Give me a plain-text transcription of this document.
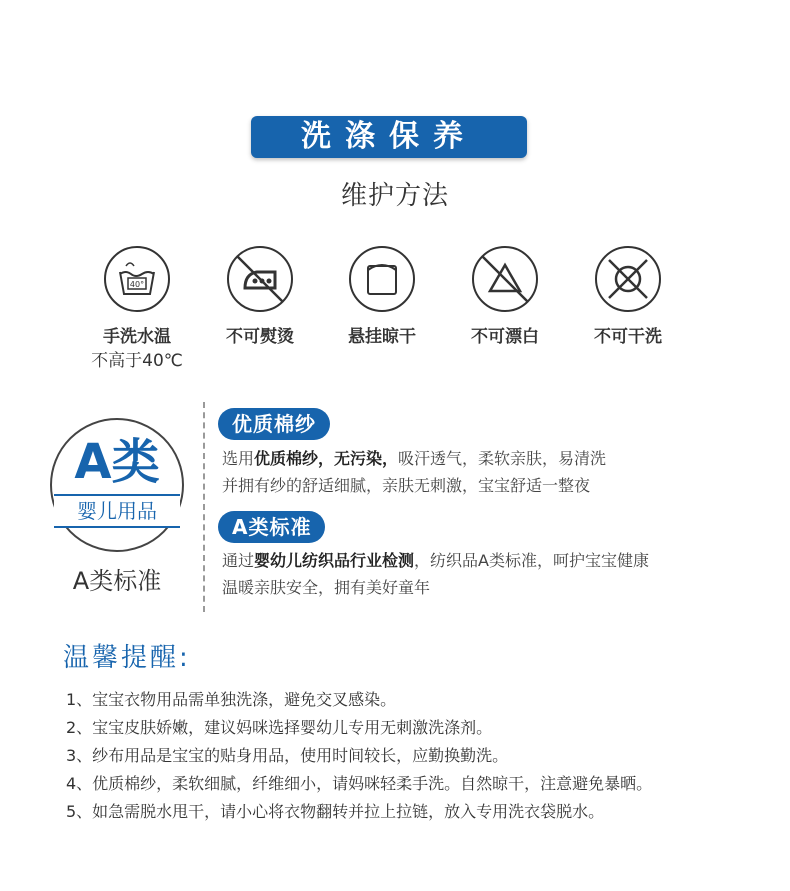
洗涤保养
维护方法
40°
手洗水温
不高于40℃
不可熨烫	悬挂晾干	不可漂白	不可干洗
A类
婴儿用品
A类标准
优质棉纱
选用优质棉纱，无污染，吸汗透气，柔软亲肤，易清洗
并拥有纱的舒适细腻，亲肤无刺激，宝宝舒适一整夜
A类标准
通过婴幼儿纺织品行业检测，纺织品A类标准，呵护宝宝健康
温暖亲肤安全，拥有美好童年
温馨提醒:
1、宝宝衣物用品需单独洗涤，避免交叉感染。
2、宝宝皮肤娇嫩，建议妈咪选择婴幼儿专用无刺激洗涤剂。
3、纱布用品是宝宝的贴身用品，使用时间较长，应勤换勤洗。
4、优质棉纱，柔软细腻，纤维细小，请妈咪轻柔手洗。自然晾干，注意避免暴晒。
5、如急需脱水甩干，请小心将衣物翻转并拉上拉链，放入专用洗衣袋脱水。
